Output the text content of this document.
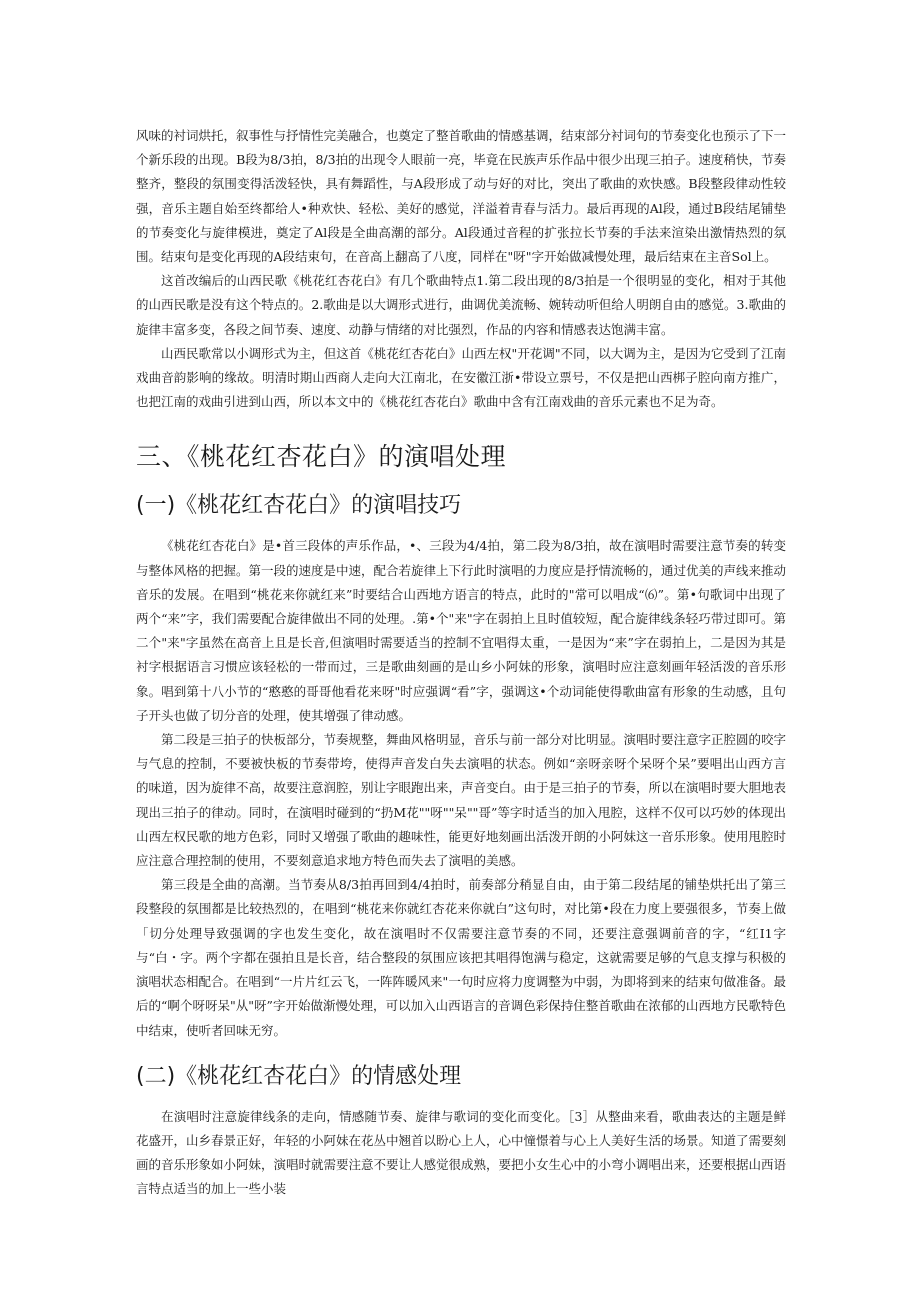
风味的衬词烘托，叙事性与抒情性完美融合，也奠定了整首歌曲的情感基调，结束部分衬词句的节奏变化也预示了下一个新乐段的出现。B段为8/3拍，8/3拍的出现令人眼前一亮，毕竟在民族声乐作品中很少出现三拍子。速度稍快，节奏整齐，整段的氛围变得活泼轻快，具有舞蹈性，与A段形成了动与好的对比，突出了歌曲的欢快感。B段整段律动性较强，音乐主题自始至终都给人•种欢快、轻松、美好的感觉，洋溢着青春与活力。最后再现的Al段，通过B段结尾铺垫的节奏变化与旋律模进，奠定了Al段是全曲高潮的部分。Al段通过音程的扩张拉长节奏的手法来渲染出激情热烈的氛围。结束句是变化再现的A段结束句，在音高上翻高了八度，同样在"呀"字开始做减慢处理，最后结束在主音Sol上。

这首改编后的山西民歌《桃花红杏花白》有几个歌曲特点1.第二段出现的8/3拍是一个很明显的变化，相对于其他的山西民歌是没有这个特点的。2.歌曲是以大调形式进行，曲调优美流畅、婉转动听但给人明朗自由的感觉。3.歌曲的旋律丰富多变，各段之间节奏、速度、动静与情绪的对比强烈，作品的内容和情感表达饱满丰富。

山西民歌常以小调形式为主，但这首《桃花红杏花白》山西左权"开花调"不同，以大调为主，是因为它受到了江南戏曲音韵影响的缘故。明清时期山西商人走向大江南北，在安徽江浙•带设立票号，不仅是把山西梆子腔向南方推广，也把江南的戏曲引进到山西，所以本文中的《桃花红杏花白》歌曲中含有江南戏曲的音乐元素也不足为奇。

三、《桃花红杏花白》的演唱处理
(一)《桃花红杏花白》的演唱技巧

《桃花红杏花白》是•首三段体的声乐作品，•、三段为4/4拍，第二段为8/3拍，故在演唱时需要注意节奏的转变与整体风格的把握。第一段的速度是中速，配合若旋律上下行此时演唱的力度应是抒情流畅的，通过优美的声线来推动音乐的发展。在唱到“桃花来你就红来”时要结合山西地方语言的特点，此时的"常可以唱成“⑹”。第•句歌词中出现了两个“来”字，我们需要配合旋律做出不同的处理。.第•个"来"字在弱拍上且时值较短，配合旋律线条轻巧带过即可。第二个"来"字虽然在高音上且是长音,但演唱时需要适当的控制不宜唱得太重，一是因为“来”字在弱拍上，二是因为其是衬字根据语言习惯应该轻松的一带而过，三是歌曲刻画的是山乡小阿妹的形象，演唱时应注意刻画年轻活泼的音乐形象。唱到第十八小节的“憨憨的哥哥他看花来呀"时应强调“看”字，强调这•个动词能使得歌曲富有形象的生动感，且句子开头也做了切分音的处理，使其增强了律动感。

第二段是三拍子的快板部分，节奏规整，舞曲风格明显，音乐与前一部分对比明显。演唱时要注意字正腔圆的咬字与气息的控制，不要被快板的节奏带垮，使得声音发白失去演唱的状态。例如“亲呀亲呀个呆呀个呆”要唱出山西方言的味道，因为旋律不高，故要注意润腔，别让字眼跑出来，声音变白。由于是三拍子的节奏，所以在演唱时要大胆地表现出三拍子的律动。同时，在演唱时碰到的“扔M花""呀""呆""哥”等字时适当的加入甩腔，这样不仅可以巧妙的体现出山西左权民歌的地方色彩，同时又增强了歌曲的趣味性，能更好地刻画出活泼开朗的小阿妹这一音乐形象。使用甩腔时应注意合理控制的使用，不要刻意追求地方特色而失去了演唱的美感。

第三段是全曲的高潮。当节奏从8/3拍再回到4/4拍时，前奏部分稍显自由，由于第二段结尾的铺垫烘托出了第三段整段的氛围都是比较热烈的，在唱到“桃花来你就红杏花来你就白”这句时，对比第•段在力度上要强很多，节奏上做「切分处理导致强调的字也发生变化，故在演唱时不仅需要注意节奏的不同，还要注意强调前音的字，“红I1字与“白・字。两个字都在强拍且是长音，结合整段的氛围应该把其唱得饱满与稳定，这就需要足够的气息支撑与积极的演唱状态相配合。在唱到“一片片红云飞，一阵阵暖风来"一句时应将力度调整为中弱，为即将到来的结束句做准备。最后的“啊个呀呀呆"从"呀”字开始做渐慢处理，可以加入山西语言的音调色彩保持住整首歌曲在浓郁的山西地方民歌特色中结束，使听者回味无穷。

(二)《桃花红杏花白》的情感处理

在演唱时注意旋律线条的走向，情感随节奏、旋律与歌词的变化而变化。［3］从整曲来看，歌曲表达的主题是鲜花盛开，山乡春景正好，年轻的小阿妹在花丛中翘首以盼心上人，心中憧憬着与心上人美好生活的场景。知道了需要刻画的音乐形象如小阿妹，演唱时就需要注意不要让人感觉很成熟，要把小女生心中的小弯小调唱出来，还要根据山西语言特点适当的加上一些小装
